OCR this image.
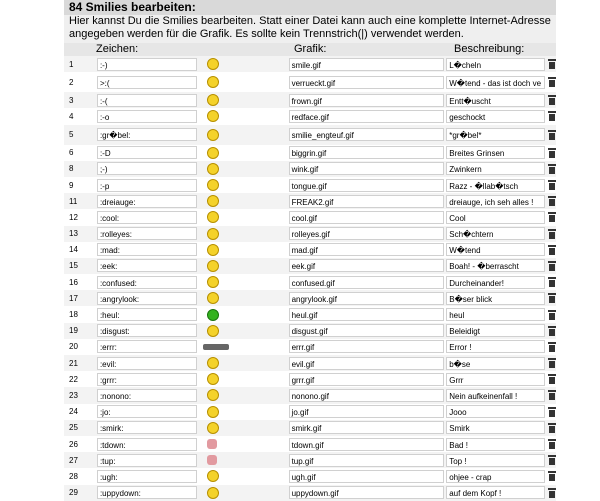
84 Smilies bearbeiten:
Hier kannst Du die Smilies bearbeiten. Statt einer Datei kann auch eine komplette Internet-Adresse angegeben werden für die Grafik. Es sollte kein Trennstrich(|) verwendet werden.
Zeichen:	Grafik:	Beschreibung:
1	:-)	smile.gif	L�cheln
2	>:(	verrueckt.gif	W�tend - das ist doch ve
3	:-(	frown.gif	Entt�uscht
4	:-o	redface.gif	geschockt
5	:gr�bel:	smilie_engteuf.gif	*gr�bel*
6	:-D	biggrin.gif	Breites Grinsen
8	;-)	wink.gif	Zwinkern
9	:-p	tongue.gif	Razz - �llab�tsch
11	:dreiauge:	FREAK2.gif	dreiauge, ich seh alles !
12	:cool:	cool.gif	Cool
13	:rolleyes:	rolleyes.gif	Sch�chtern
14	:mad:	mad.gif	W�tend
15	:eek:	eek.gif	Boah! - �berrascht
16	:confused:	confused.gif	Durcheinander!
17	:angrylook:	angrylook.gif	B�ser blick
18	:heul:	heul.gif	heul
19	:disgust:	disgust.gif	Beleidigt
20	:errr:	errr.gif	Error !
21	:evil:	evil.gif	b�se
22	:grrr:	grrr.gif	Grrr
23	:nonono:	nonono.gif	Nein aufkeinenfall !
24	:jo:	jo.gif	Jooo
25	:smirk:	smirk.gif	Smirk
26	:tdown:	tdown.gif	Bad !
27	:tup:	tup.gif	Top !
28	:ugh:	ugh.gif	ohjee - crap
29	:uppydown:	uppydown.gif	auf dem Kopf !
